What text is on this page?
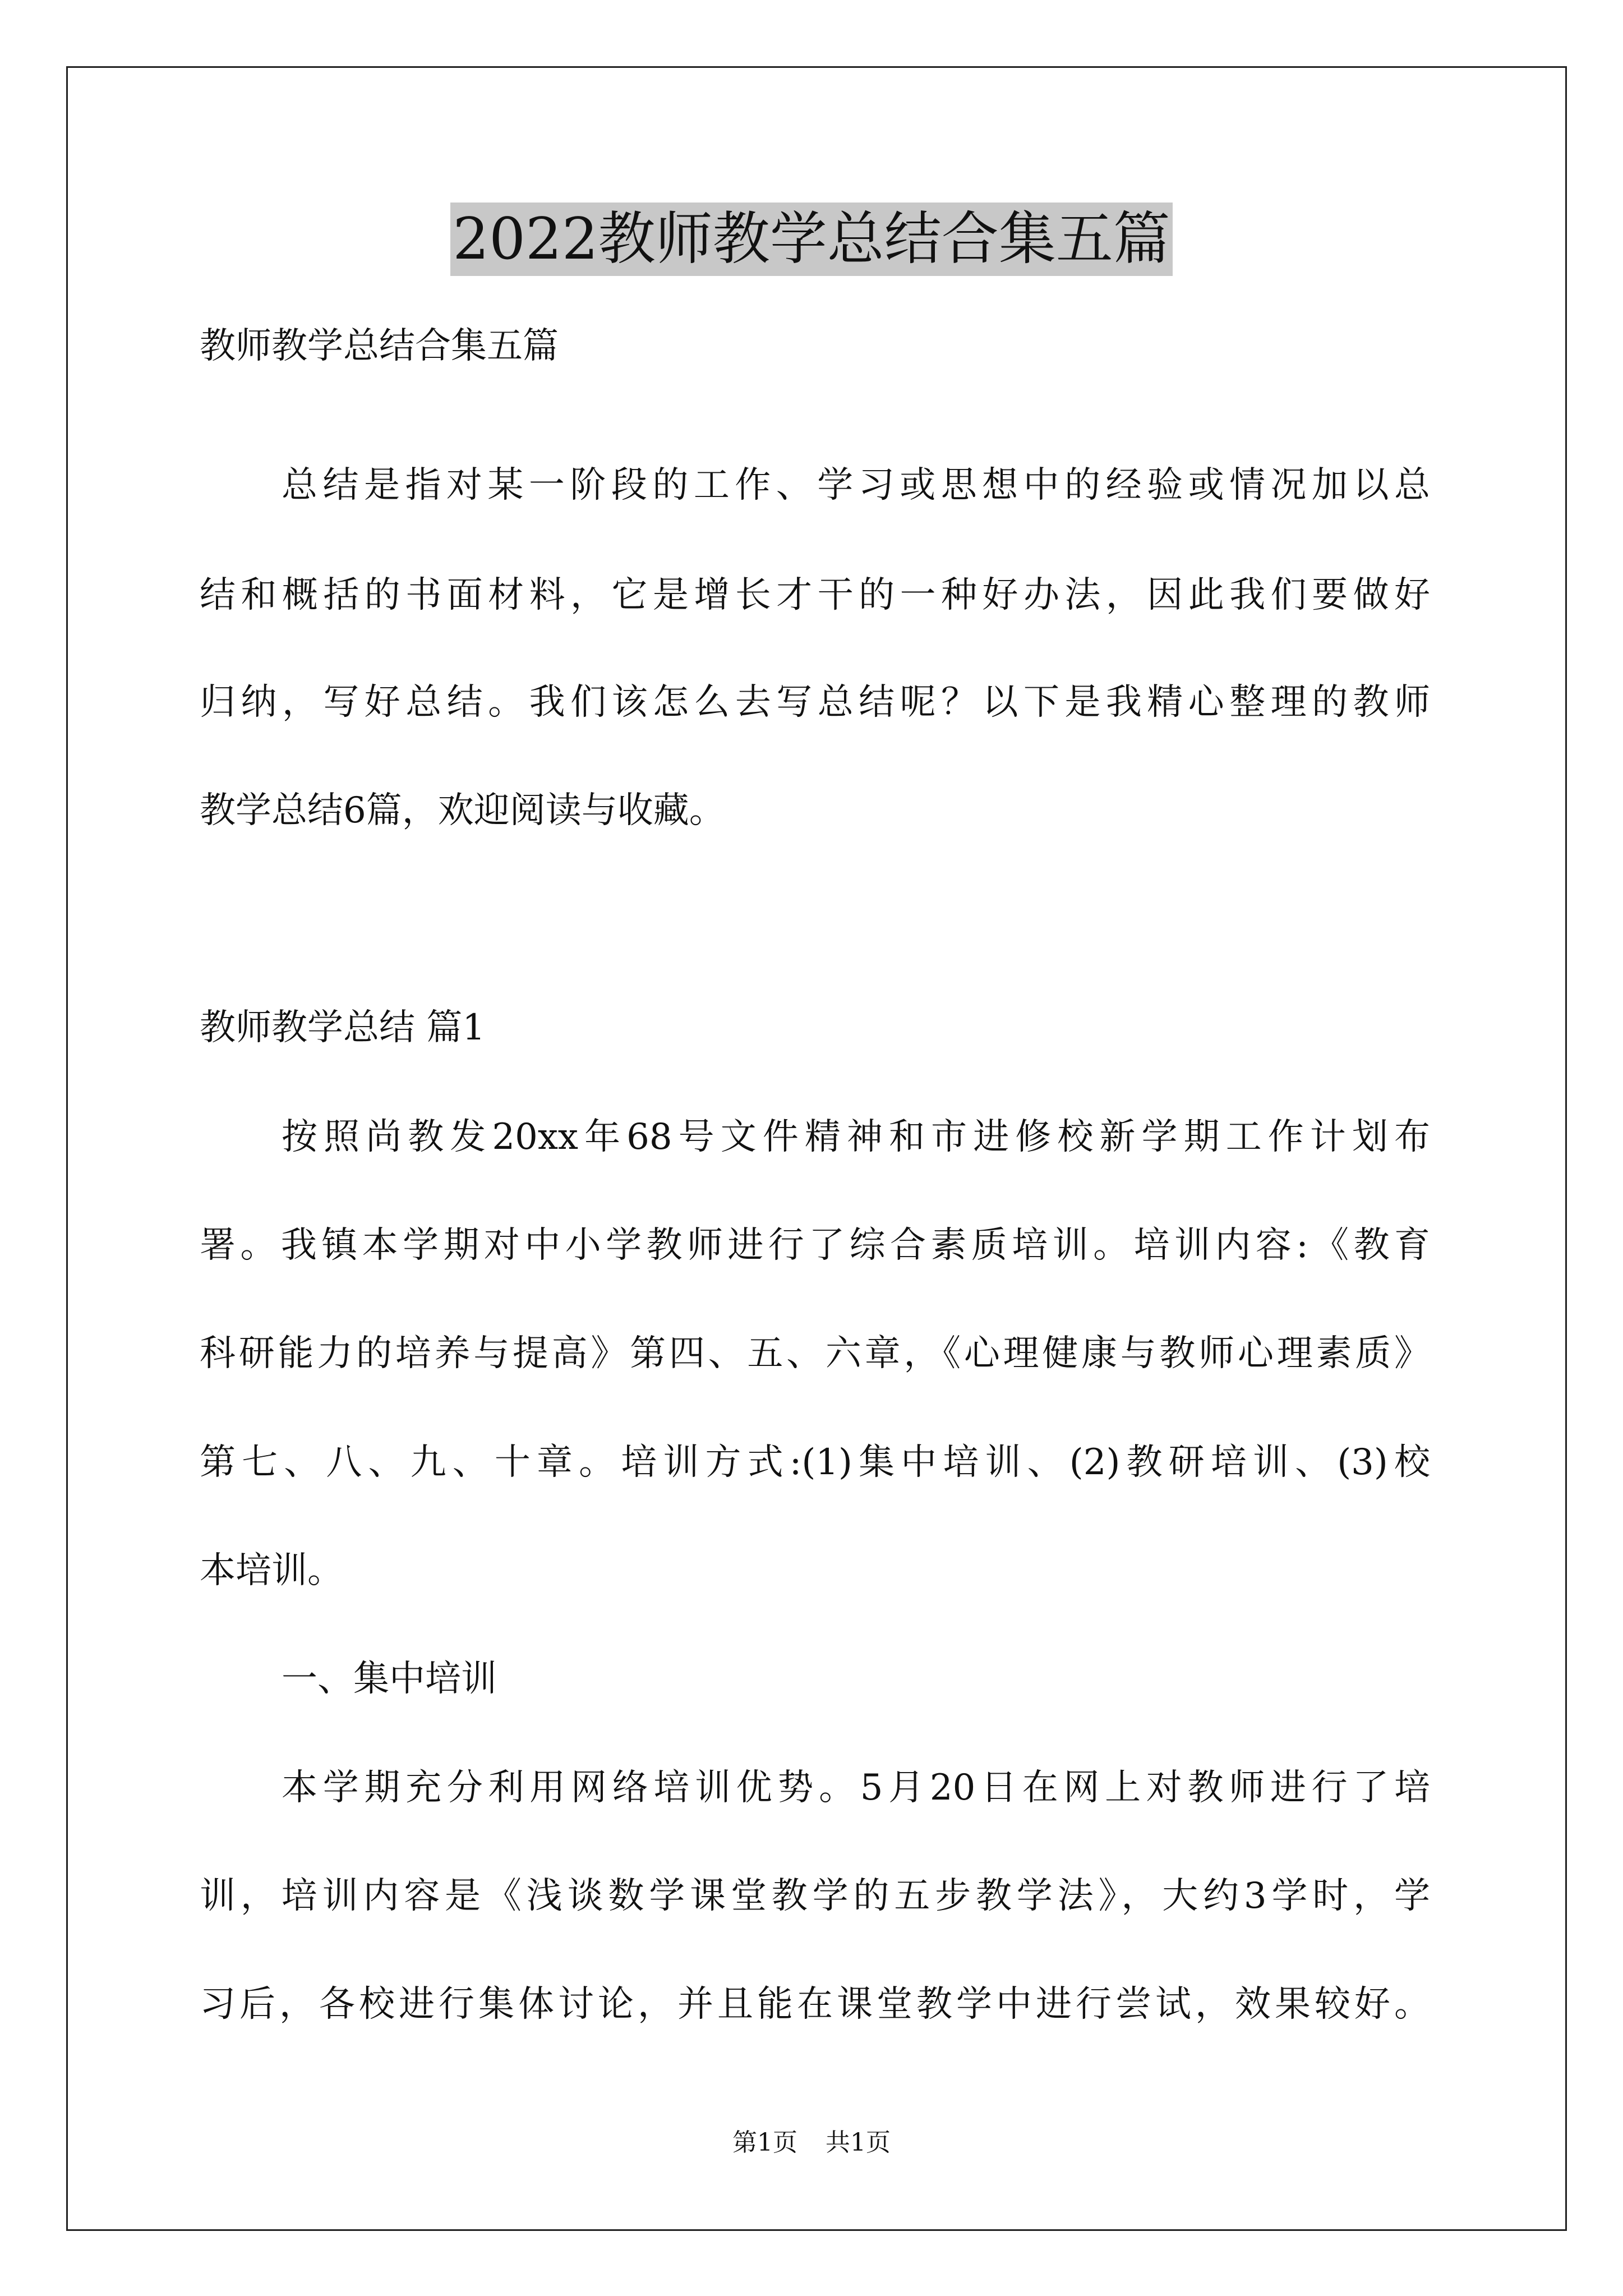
2022教师教学总结合集五篇
教师教学总结合集五篇
总结是指对某一阶段的工作、学习或思想中的经验或情况加以总
结和概括的书面材料，它是增长才干的一种好办法，因此我们要做好
归纳，写好总结。我们该怎么去写总结呢？以下是我精心整理的教师
教学总结6篇，欢迎阅读与收藏。
教师教学总结 篇1
按照尚教发20xx年68号文件精神和市进修校新学期工作计划布
署。我镇本学期对中小学教师进行了综合素质培训。培训内容:《教育
科研能力的培养与提高》第四、五、六章，《心理健康与教师心理素质》
第七、八、九、十章。培训方式:(1)集中培训、(2)教研培训、(3)校
本培训。
一、集中培训
本学期充分利用网络培训优势。5月20日在网上对教师进行了培
训，培训内容是《浅谈数学课堂教学的五步教学法》，大约3学时，学
习后，各校进行集体讨论，并且能在课堂教学中进行尝试，效果较好。
第1页 共1页
